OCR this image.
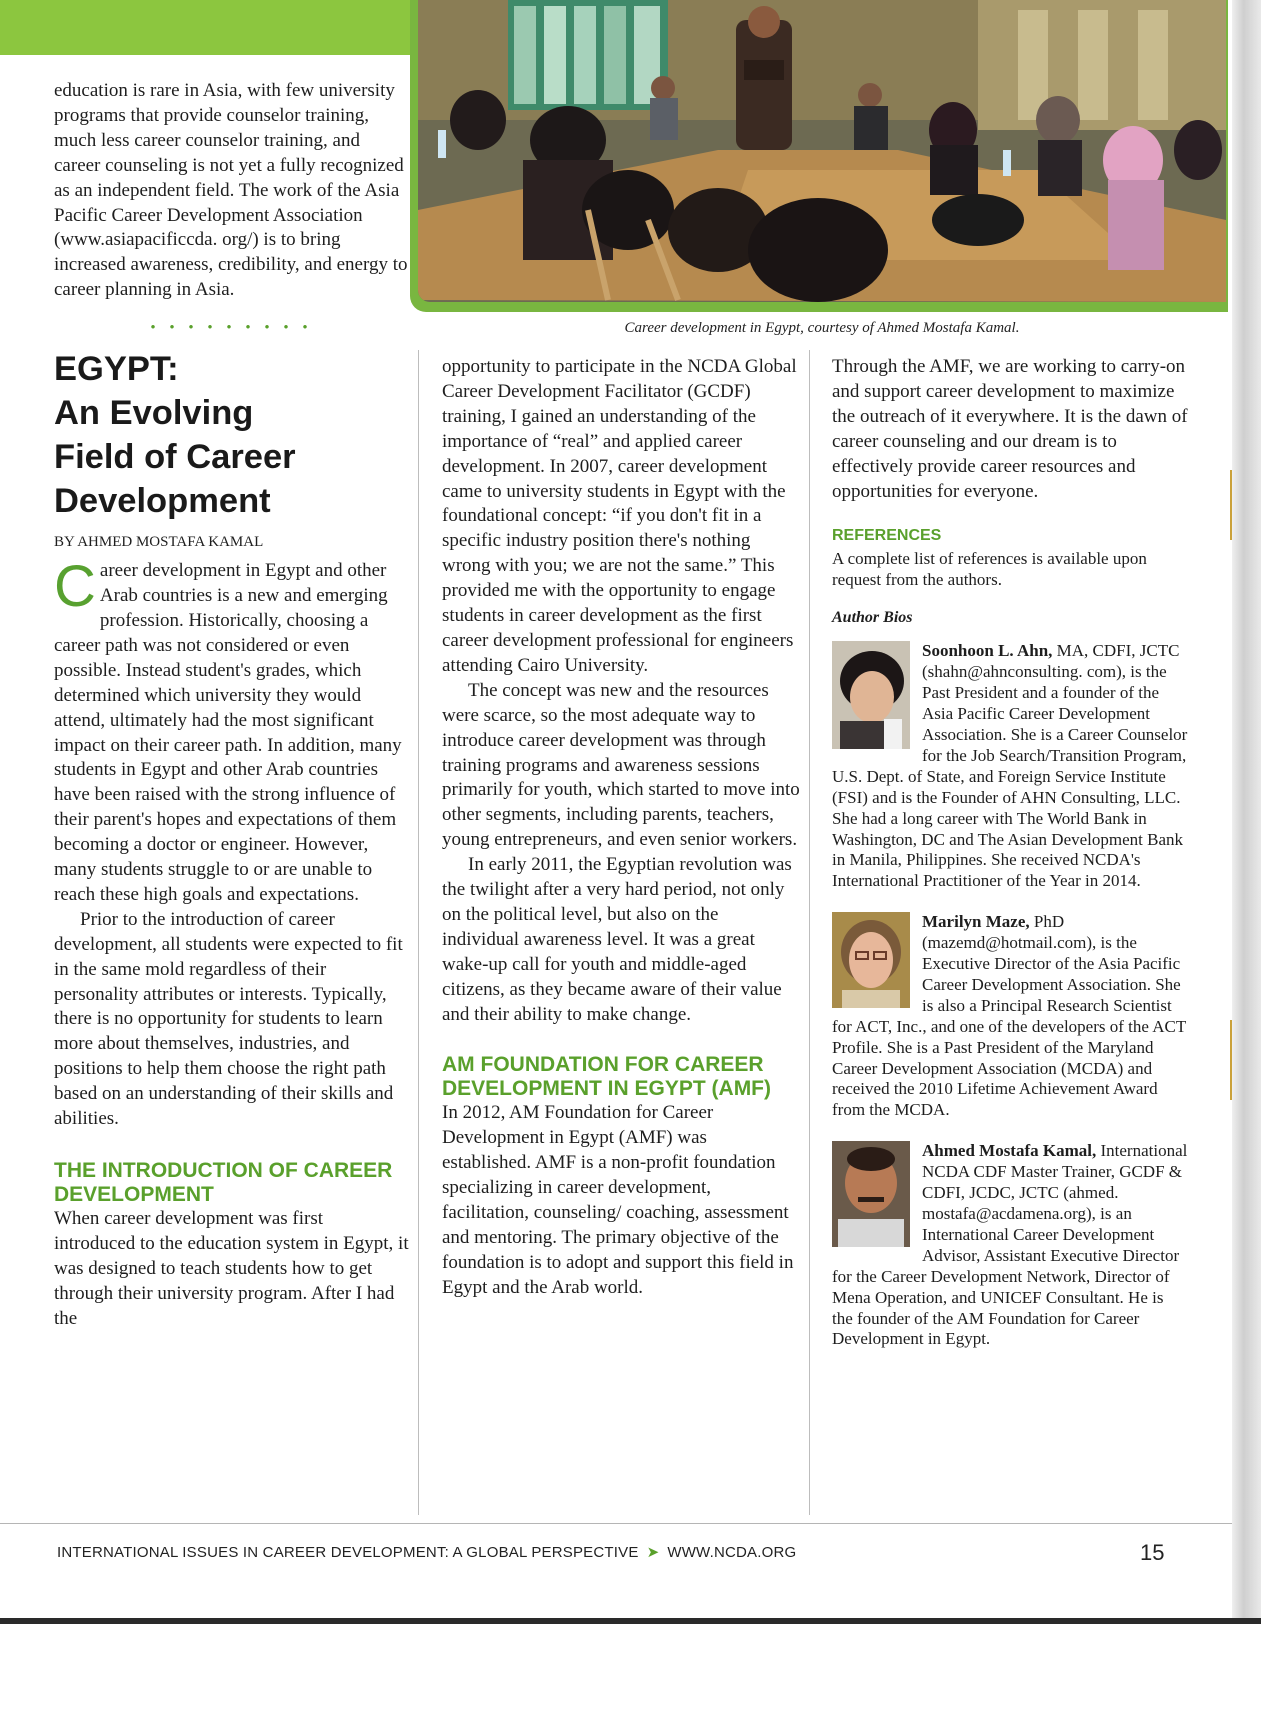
Career development in Egypt, courtesy of Ahmed Mostafa Kamal.

education is rare in Asia, with few university programs that provide counselor training, much less career counselor training, and career counseling is not yet a fully recognized as an independent field. The work of the Asia Pacific Career Development Association (www.asiapacificcda. org/) is to bring increased awareness, credibility, and energy to career planning in Asia.

• • • • • • • • •
EGYPT:
An Evolving
Field of Career
Development
BY AHMED MOSTAFA KAMAL

Career development in Egypt and other Arab countries is a new and emerging profession. Historically, choosing a career path was not considered or even possible. Instead student's grades, which determined which university they would attend, ultimately had the most significant impact on their career path. In addition, many students in Egypt and other Arab countries have been raised with the strong influence of their parent's hopes and expectations of them becoming a doctor or engineer. However, many students struggle to or are unable to reach these high goals and expectations.

Prior to the introduction of career development, all students were expected to fit in the same mold regardless of their personality attributes or interests. Typically, there is no opportunity for students to learn more about themselves, industries, and positions to help them choose the right path based on an understanding of their skills and abilities.

THE INTRODUCTION OF CAREER DEVELOPMENT

When career development was first introduced to the education system in Egypt, it was designed to teach students how to get through their university program. After I had the

opportunity to participate in the NCDA Global Career Development Facilitator (GCDF) training, I gained an understanding of the importance of “real” and applied career development. In 2007, career development came to university students in Egypt with the foundational concept: “if you don't fit in a specific industry position there's nothing wrong with you; we are not the same.” This provided me with the opportunity to engage students in career development as the first career development professional for engineers attending Cairo University.

The concept was new and the resources were scarce, so the most adequate way to introduce career development was through training programs and awareness sessions primarily for youth, which started to move into other segments, including parents, teachers, young entrepreneurs, and even senior workers.

In early 2011, the Egyptian revolution was the twilight after a very hard period, not only on the political level, but also on the individual awareness level. It was a great wake-up call for youth and middle-aged citizens, as they became aware of their value and their ability to make change.

AM FOUNDATION FOR CAREER DEVELOPMENT IN EGYPT (AMF)

In 2012, AM Foundation for Career Development in Egypt (AMF) was established. AMF is a non-profit foundation specializing in career development, facilitation, counseling/ coaching, assessment and mentoring. The primary objective of the foundation is to adopt and support this field in Egypt and the Arab world.

Through the AMF, we are working to carry-on and support career development to maximize the outreach of it everywhere. It is the dawn of career counseling and our dream is to effectively provide career resources and opportunities for everyone.

REFERENCES

A complete list of references is available upon request from the authors.

Author Bios
Soonhoon L. Ahn, MA, CDFI, JCTC (shahn@ahnconsulting. com), is the Past President and a founder of the Asia Pacific Career Development Association. She is a Career Counselor for the Job Search/Transition Program, U.S. Dept. of State, and Foreign Service Institute (FSI) and is the Founder of AHN Consulting, LLC. She had a long career with The World Bank in Washington, DC and The Asian Development Bank in Manila, Philippines. She received NCDA's International Practitioner of the Year in 2014.
Marilyn Maze, PhD (mazemd@hotmail.com), is the Executive Director of the Asia Pacific Career Development Association. She is also a Principal Research Scientist for ACT, Inc., and one of the developers of the ACT Profile. She is a Past President of the Maryland Career Development Association (MCDA) and received the 2010 Lifetime Achievement Award from the MCDA.
Ahmed Mostafa Kamal, International NCDA CDF Master Trainer, GCDF & CDFI, JCDC, JCTC (ahmed. mostafa@acdamena.org), is an International Career Development Advisor, Assistant Executive Director for the Career Development Network, Director of Mena Operation, and UNICEF Consultant. He is the founder of the AM Foundation for Career Development in Egypt.
INTERNATIONAL ISSUES IN CAREER DEVELOPMENT: A GLOBAL PERSPECTIVE ➤ WWW.NCDA.ORG	15
